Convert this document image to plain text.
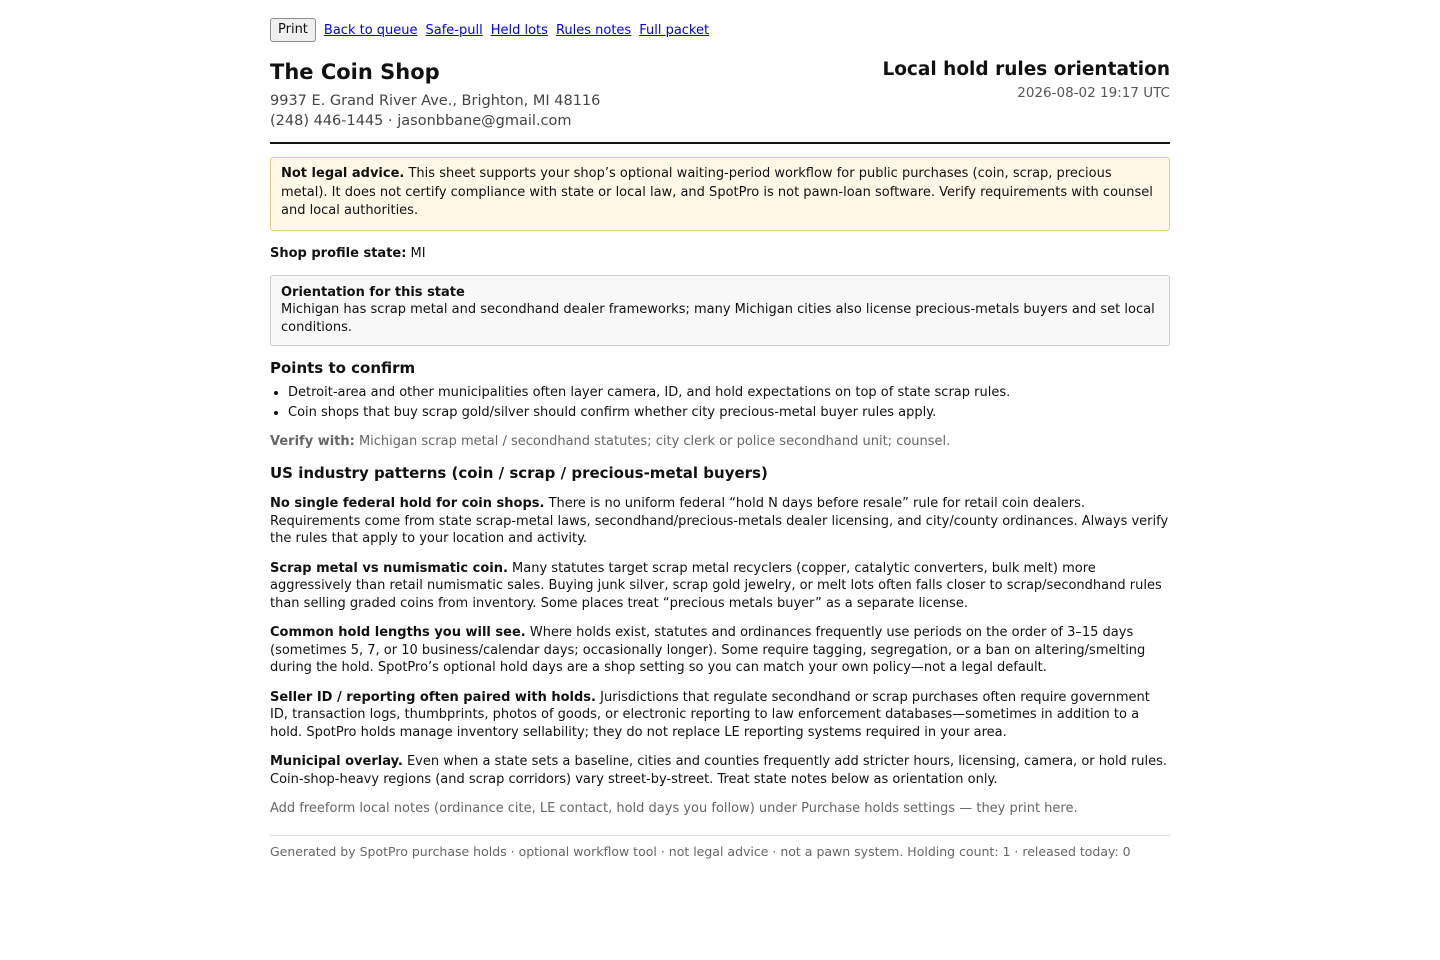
Print	Back to queue Safe-pull Held lots Rules notes Full packet
The Coin Shop
9937 E. Grand River Ave., Brighton, MI 48116
(248) 446-1445 · jasonbbane@gmail.com
Local hold rules orientation
2026-08-02 19:17 UTC
Not legal advice. This sheet supports your shop’s optional waiting-period workflow for public purchases (coin, scrap, precious metal). It does not certify compliance with state or local law, and SpotPro is not pawn-loan software. Verify requirements with counsel and local authorities.
Shop profile state: MI
Orientation for this state
Michigan has scrap metal and secondhand dealer frameworks; many Michigan cities also license precious-metals buyers and set local conditions.
Points to confirm
• Detroit-area and other municipalities often layer camera, ID, and hold expectations on top of state scrap rules.
• Coin shops that buy scrap gold/silver should confirm whether city precious-metal buyer rules apply.
Verify with: Michigan scrap metal / secondhand statutes; city clerk or police secondhand unit; counsel.
US industry patterns (coin / scrap / precious-metal buyers)

No single federal hold for coin shops. There is no uniform federal “hold N days before resale” rule for retail coin dealers. Requirements come from state scrap-metal laws, secondhand/precious-metals dealer licensing, and city/county ordinances. Always verify the rules that apply to your location and activity.

Scrap metal vs numismatic coin. Many statutes target scrap metal recyclers (copper, catalytic converters, bulk melt) more aggressively than retail numismatic sales. Buying junk silver, scrap gold jewelry, or melt lots often falls closer to scrap/secondhand rules than selling graded coins from inventory. Some places treat “precious metals buyer” as a separate license.

Common hold lengths you will see. Where holds exist, statutes and ordinances frequently use periods on the order of 3–15 days (sometimes 5, 7, or 10 business/calendar days; occasionally longer). Some require tagging, segregation, or a ban on altering/smelting during the hold. SpotPro’s optional hold days are a shop setting so you can match your own policy—not a legal default.

Seller ID / reporting often paired with holds. Jurisdictions that regulate secondhand or scrap purchases often require government ID, transaction logs, thumbprints, photos of goods, or electronic reporting to law enforcement databases—sometimes in addition to a hold. SpotPro holds manage inventory sellability; they do not replace LE reporting systems required in your area.

Municipal overlay. Even when a state sets a baseline, cities and counties frequently add stricter hours, licensing, camera, or hold rules. Coin-shop-heavy regions (and scrap corridors) vary street-by-street. Treat state notes below as orientation only.

Add freeform local notes (ordinance cite, LE contact, hold days you follow) under Purchase holds settings — they print here.
Generated by SpotPro purchase holds · optional workflow tool · not legal advice · not a pawn system. Holding count: 1 · released today: 0
